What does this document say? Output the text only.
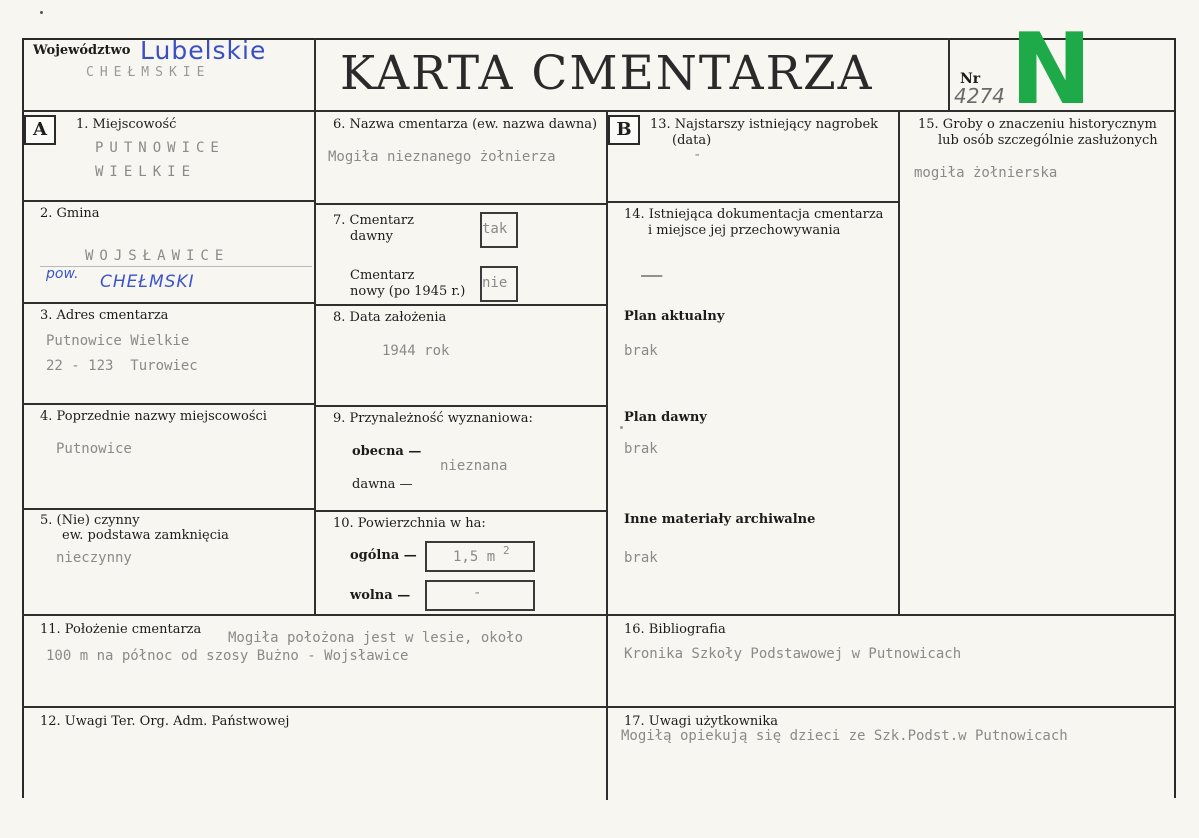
Województwo Lubelskie
CHEŁMSKIE	KARTA CMENTARZA	Nr
4274 N
A	B
1. Miejscowość
PUTNOWICE
WIELKIE
2. Gmina
WOJSŁAWICE
pow. CHEŁMSKI
3. Adres cmentarza
Putnowice Wielkie
22 - 123  Turowiec
4. Poprzednie nazwy miejscowości
Putnowice
5. (Nie) czynny
ew. podstawa zamknięcia
nieczynny
6. Nazwa cmentarza (ew. nazwa dawna)
Mogiła nieznanego żołnierza
7. Cmentarz
dawny	tak
Cmentarz
nowy (po 1945 r.)
nie
8. Data założenia
1944 rok
9. Przynależność wyznaniowa:
obecna —
nieznana
dawna —
10. Powierzchnia w ha:
ogólna —	1,5 m 2
wolna —	-
13. Najstarszy istniejący nagrobek
(data)
-
14. Istniejąca dokumentacja cmentarza
i miejsce jej przechowywania
———
Plan aktualny
brak
Plan dawny
brak
Inne materiały archiwalne
brak
15. Groby o znaczeniu historycznym
lub osób szczególnie zasłużonych
mogiła żołnierska
11. Położenie cmentarza
Mogiła położona jest w lesie, około
100 m na północ od szosy Bużno - Wojsławice
16. Bibliografia
Kronika Szkoły Podstawowej w Putnowicach
12. Uwagi Ter. Org. Adm. Państwowej	17. Uwagi użytkownika
Mogiłą opiekują się dzieci ze Szk.Podst.w Putnowicach
